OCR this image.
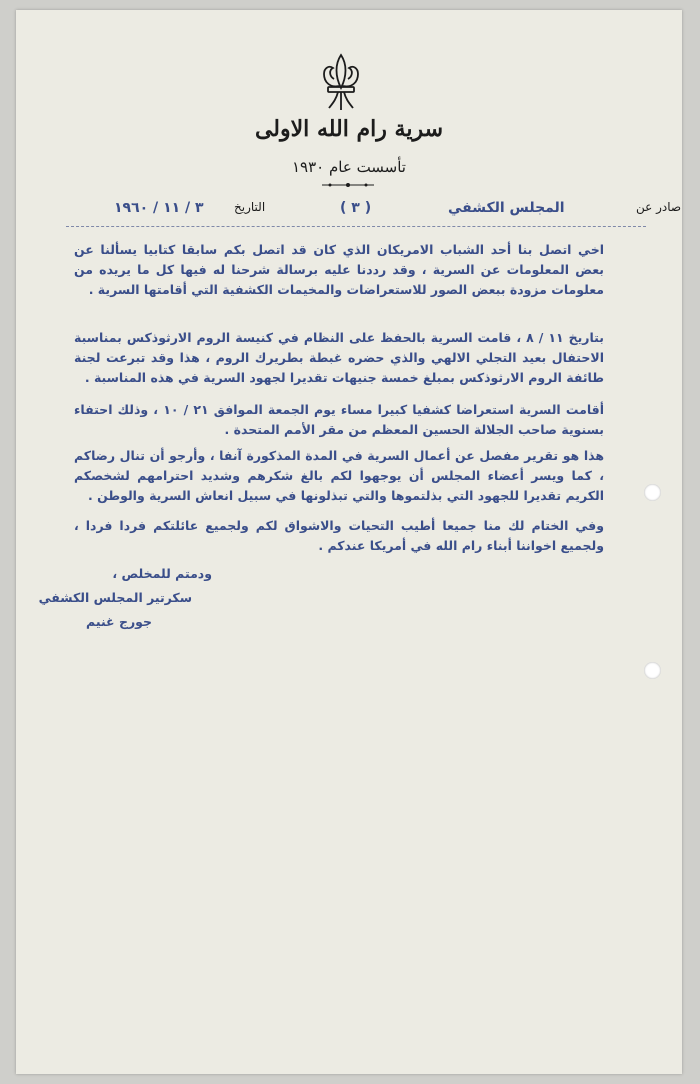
سرية رام الله الاولى
تأسست عام ١٩٣٠
صادر عن
المجلس الكشفي
( ٣ )
التاريخ
٣ / ١١ / ١٩٦٠
اخي اتصل بنا أحد الشباب الامريكان الذي كان قد اتصل بكم سابقا كتابيا يسألنا عن بعض المعلومات عن السرية ، وقد رددنا عليه برسالة شرحنا له فيها كل ما يريده من معلومات مزودة ببعض الصور للاستعراضات والمخيمات الكشفية التي أقامتها السرية .
بتاريخ ١١ / ٨ ، قامت السرية بالحفظ على النظام في كنيسة الروم الارثوذكس بمناسبة الاحتفال بعيد التجلي الالهي والذي حضره غبطة بطريرك الروم ، هذا وقد تبرعت لجنة طائفة الروم الارثوذكس بمبلغ خمسة جنيهات تقديرا لجهود السرية في هذه المناسبة .
أقامت السرية استعراضا كشفيا كبيرا مساء يوم الجمعة الموافق ٢١ / ١٠ ، وذلك احتفاء بسنوية صاحب الجلالة الحسين المعظم من مقر الأمم المتحدة .
هذا هو تقرير مفصل عن أعمال السرية في المدة المذكورة آنفا ، وأرجو أن تنال رضاكم ، كما ويسر أعضاء المجلس أن يوجهوا لكم بالغ شكرهم وشديد احترامهم لشخصكم الكريم تقديرا للجهود التي بذلتموها والتي تبذلونها في سبيل انعاش السرية والوطن .
وفي الختام لك منا جميعا أطيب التحيات والاشواق لكم ولجميع عائلتكم فردا فردا ، ولجميع اخواننا أبناء رام الله في أمريكا عندكم .
ودمتم للمخلص ،
سكرتير المجلس الكشفي
جورج غنيم
